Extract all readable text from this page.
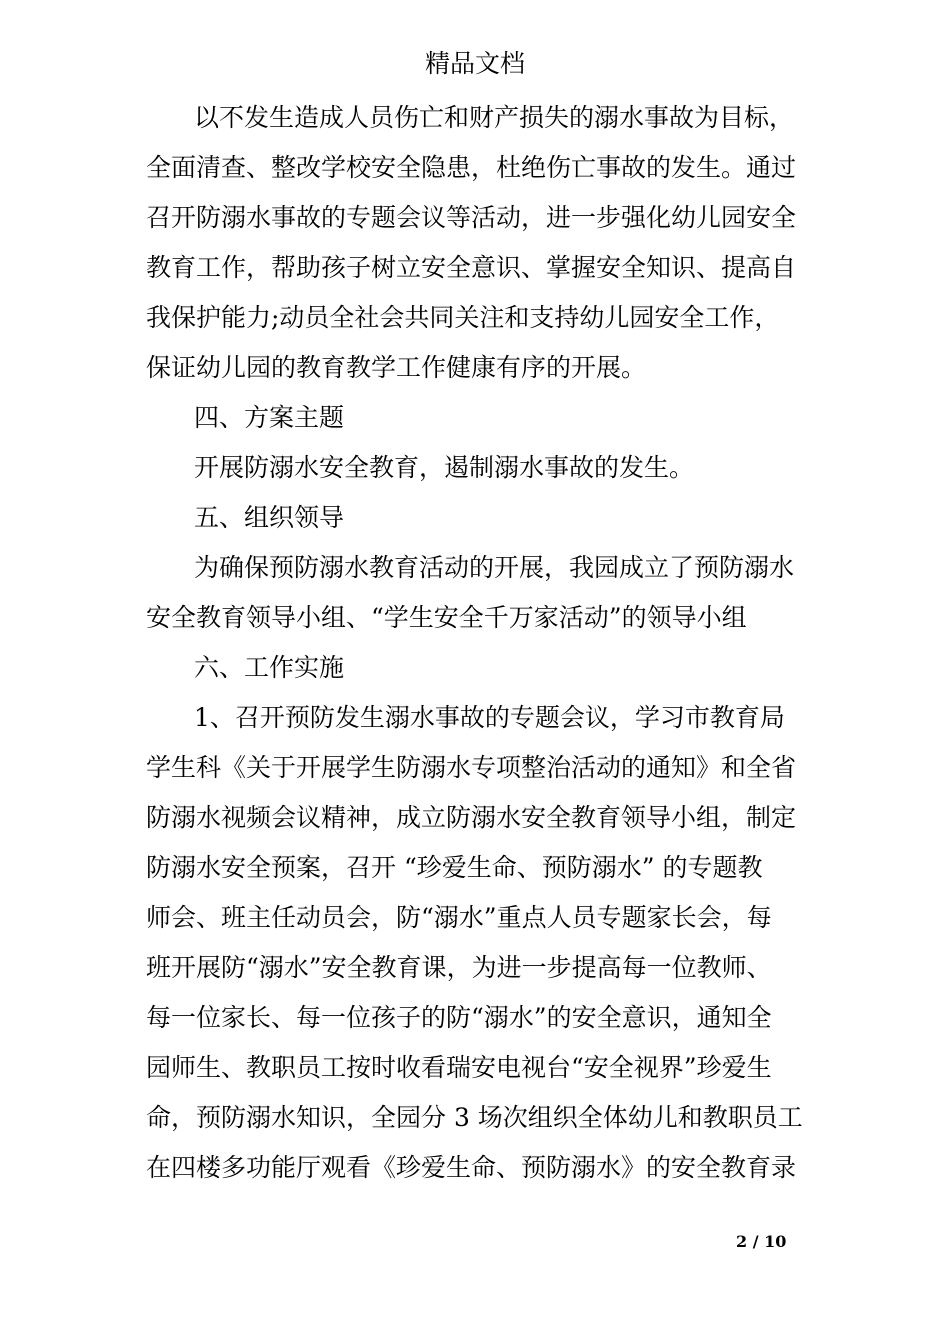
精品文档
以不发生造成人员伤亡和财产损失的溺水事故为目标，
全面清查、整改学校安全隐患，杜绝伤亡事故的发生。通过
召开防溺水事故的专题会议等活动，进一步强化幼儿园安全
教育工作，帮助孩子树立安全意识、掌握安全知识、提高自
我保护能力;动员全社会共同关注和支持幼儿园安全工作，
保证幼儿园的教育教学工作健康有序的开展。
四、方案主题
开展防溺水安全教育，遏制溺水事故的发生。
五、组织领导
为确保预防溺水教育活动的开展，我园成立了预防溺水
安全教育领导小组、“学生安全千万家活动”的领导小组
六、工作实施
1、召开预防发生溺水事故的专题会议，学习市教育局
学生科《关于开展学生防溺水专项整治活动的通知》和全省
防溺水视频会议精神，成立防溺水安全教育领导小组，制定
防溺水安全预案，召开 “珍爱生命、预防溺水” 的专题教
师会、班主任动员会，防“溺水”重点人员专题家长会，每
班开展防“溺水”安全教育课，为进一步提高每一位教师、
每一位家长、每一位孩子的防“溺水”的安全意识，通知全
园师生、教职员工按时收看瑞安电视台“安全视界”珍爱生
命，预防溺水知识，全园分 3 场次组织全体幼儿和教职员工
在四楼多功能厅观看《珍爱生命、预防溺水》的安全教育录
2 / 10
